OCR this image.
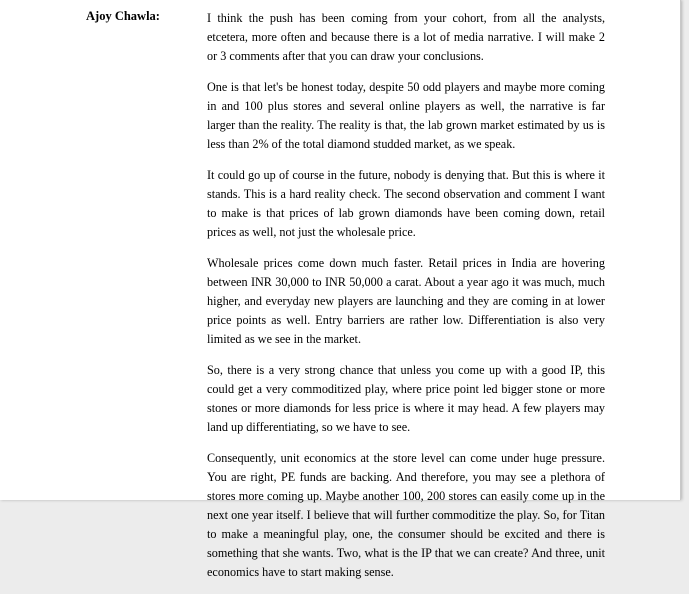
Ajoy Chawla:	I think the push has been coming from your cohort, from all the analysts, etcetera, more often and because there is a lot of media narrative. I will make 2 or 3 comments after that you can draw your conclusions.

One is that let's be honest today, despite 50 odd players and maybe more coming in and 100 plus stores and several online players as well, the narrative is far larger than the reality. The reality is that, the lab grown market estimated by us is less than 2% of the total diamond studded market, as we speak.

It could go up of course in the future, nobody is denying that. But this is where it stands. This is a hard reality check. The second observation and comment I want to make is that prices of lab grown diamonds have been coming down, retail prices as well, not just the wholesale price.

Wholesale prices come down much faster. Retail prices in India are hovering between INR 30,000 to INR 50,000 a carat. About a year ago it was much, much higher, and everyday new players are launching and they are coming in at lower price points as well. Entry barriers are rather low. Differentiation is also very limited as we see in the market.

So, there is a very strong chance that unless you come up with a good IP, this could get a very commoditized play, where price point led bigger stone or more stones or more diamonds for less price is where it may head. A few players may land up differentiating, so we have to see.

Consequently, unit economics at the store level can come under huge pressure. You are right, PE funds are backing. And therefore, you may see a plethora of stores more coming up. Maybe another 100, 200 stores can easily come up in the next one year itself. I believe that will further commoditize the play. So, for Titan to make a meaningful play, one, the consumer should be excited and there is something that she wants. Two, what is the IP that we can create? And three, unit economics have to start making sense.
